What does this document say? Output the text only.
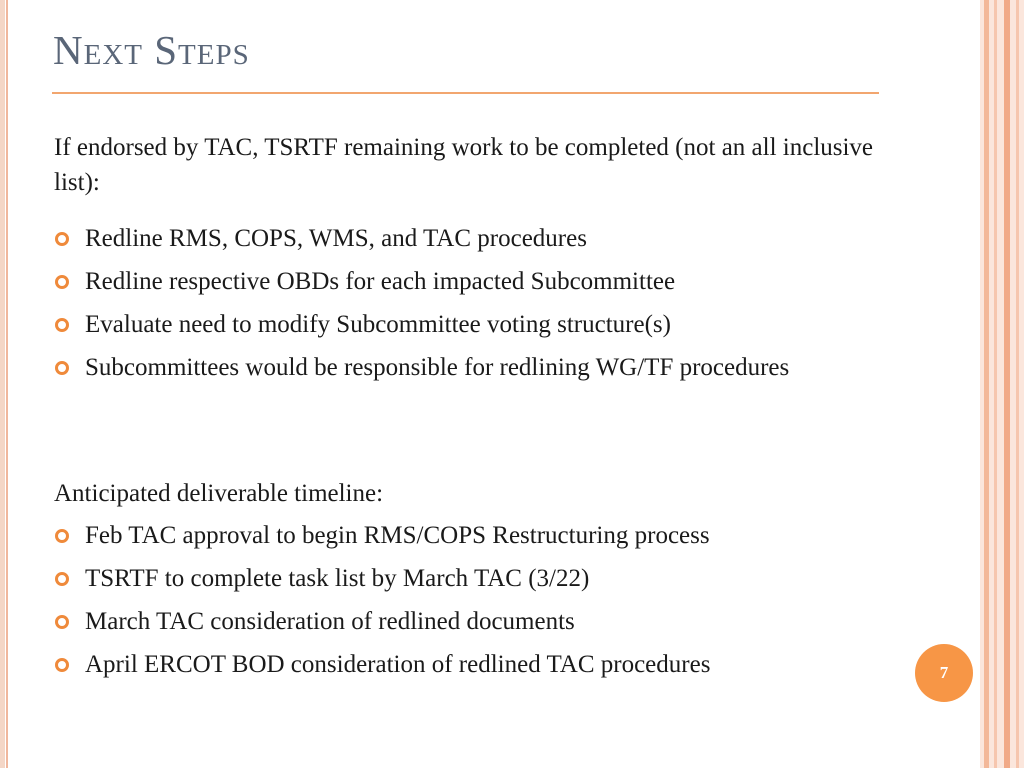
Next Steps
If endorsed by TAC, TSRTF remaining work to be completed (not an all inclusive list):
Redline RMS, COPS, WMS, and TAC procedures
Redline respective OBDs for each impacted Subcommittee
Evaluate need to modify Subcommittee voting structure(s)
Subcommittees would be responsible for redlining WG/TF procedures
Anticipated deliverable timeline:
Feb TAC approval to begin RMS/COPS Restructuring process
TSRTF to complete task list by March TAC (3/22)
March TAC consideration of redlined documents
April ERCOT BOD consideration of redlined TAC procedures	7
